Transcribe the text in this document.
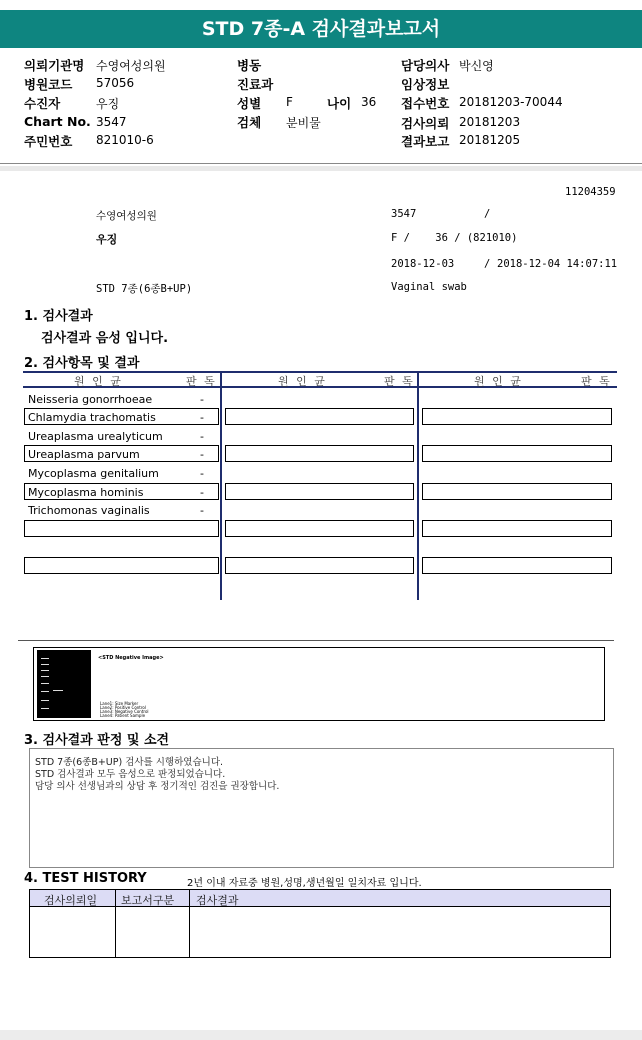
STD 7종-A 검사결과보고서
의뢰기관명 수영여성의원
병원코드 57056
수진자	우징
Chart No. 3547
주민번호 821010-6
병동
진료과
성별 F	나이 36
검체 분비물
담당의사 박신영
임상정보
접수번호 20181203-70044
검사의뢰 20181203
결과보고 20181205
11204359
수영여성의원	3547	/
우징	F /    36 / (821010)
2018-12-03	/ 2018-12-04 14:07:11
STD 7종(6종B+UP)	Vaginal swab
1. 검사결과
검사결과 음성 입니다.
2. 검사항목 및 결과
원 인 균	판 독	원 인 균	판 독	원 인 균	판 독
Neisseria gonorrhoeae	-
Chlamydia trachomatis	-
Ureaplasma urealyticum	-
Ureaplasma parvum	-
Mycoplasma genitalium	-
Mycoplasma hominis	-
Trichomonas vaginalis	-
<STD Negative Image>
Lane1: Size Marker
Lane2: Positive Control
Lane3: Negative Control
Lane4: Patient Sample
3. 검사결과 판정 및 소견
STD 7종(6종B+UP) 검사를 시행하였습니다.
STD 검사결과 모두 음성으로 판정되었습니다.
담당 의사 선생님과의 상담 후 정기적인 검진을 권장합니다.
4. TEST HISTORY	2년 이내 자료중 병원,성명,생년월일 일치자료 입니다.
검사의뢰일 보고서구분 검사결과
